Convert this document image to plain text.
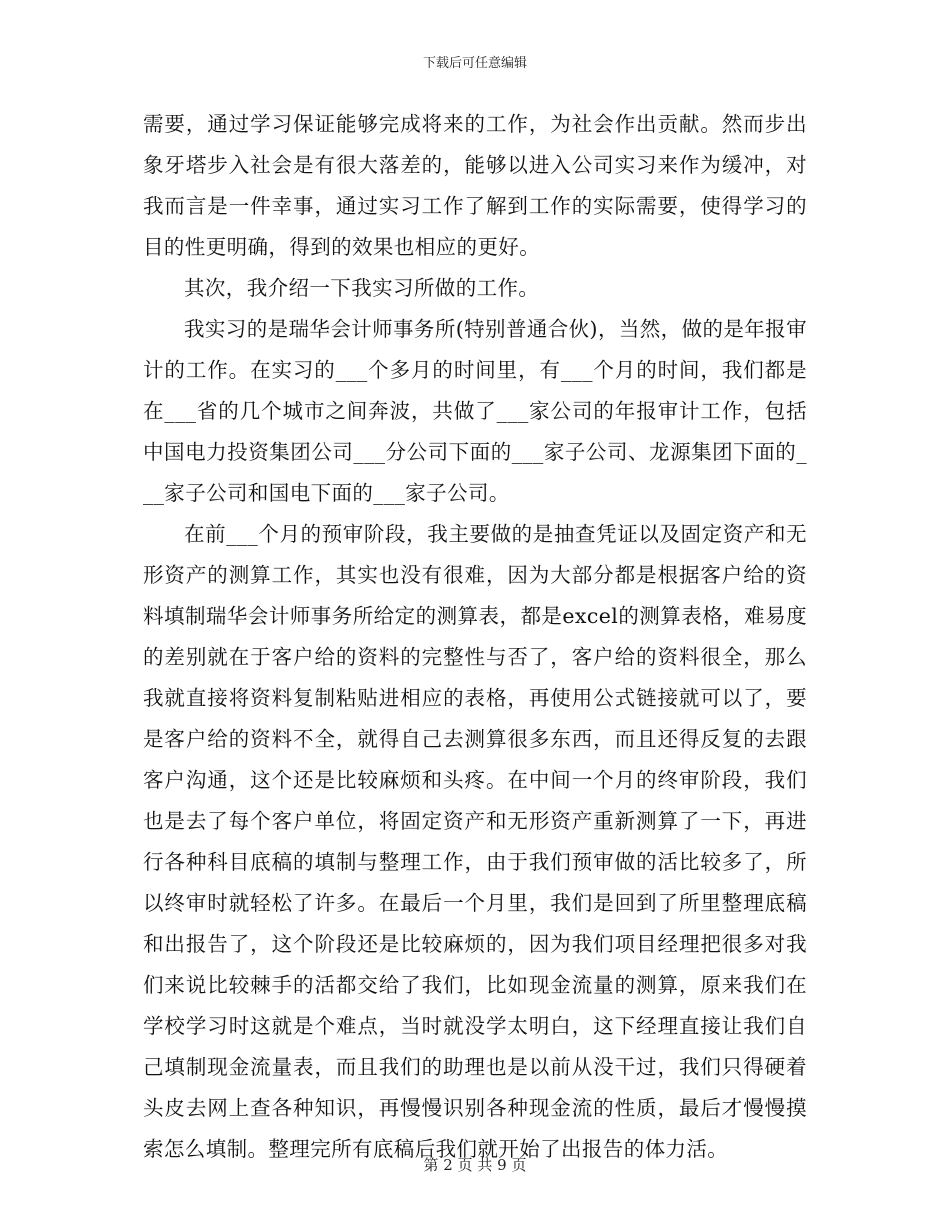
下载后可任意编辑

需要，通过学习保证能够完成将来的工作，为社会作出贡献。然而步出象牙塔步入社会是有很大落差的，能够以进入公司实习来作为缓冲，对我而言是一件幸事，通过实习工作了解到工作的实际需要，使得学习的目的性更明确，得到的效果也相应的更好。

其次，我介绍一下我实习所做的工作。

我实习的是瑞华会计师事务所(特别普通合伙)，当然，做的是年报审计的工作。在实习的___个多月的时间里，有___个月的时间，我们都是在___省的几个城市之间奔波，共做了___家公司的年报审计工作，包括中国电力投资集团公司___分公司下面的___家子公司、龙源集团下面的___家子公司和国电下面的___家子公司。

在前___个月的预审阶段，我主要做的是抽查凭证以及固定资产和无形资产的测算工作，其实也没有很难，因为大部分都是根据客户给的资料填制瑞华会计师事务所给定的测算表，都是excel的测算表格，难易度的差别就在于客户给的资料的完整性与否了，客户给的资料很全，那么我就直接将资料复制粘贴进相应的表格，再使用公式链接就可以了，要是客户给的资料不全，就得自己去测算很多东西，而且还得反复的去跟客户沟通，这个还是比较麻烦和头疼。在中间一个月的终审阶段，我们也是去了每个客户单位，将固定资产和无形资产重新测算了一下，再进行各种科目底稿的填制与整理工作，由于我们预审做的活比较多了，所以终审时就轻松了许多。在最后一个月里，我们是回到了所里整理底稿和出报告了，这个阶段还是比较麻烦的，因为我们项目经理把很多对我们来说比较棘手的活都交给了我们，比如现金流量的测算，原来我们在学校学习时这就是个难点，当时就没学太明白，这下经理直接让我们自己填制现金流量表，而且我们的助理也是以前从没干过，我们只得硬着头皮去网上查各种知识，再慢慢识别各种现金流的性质，最后才慢慢摸索怎么填制。整理完所有底稿后我们就开始了出报告的体力活。

第 2 页 共 9 页
